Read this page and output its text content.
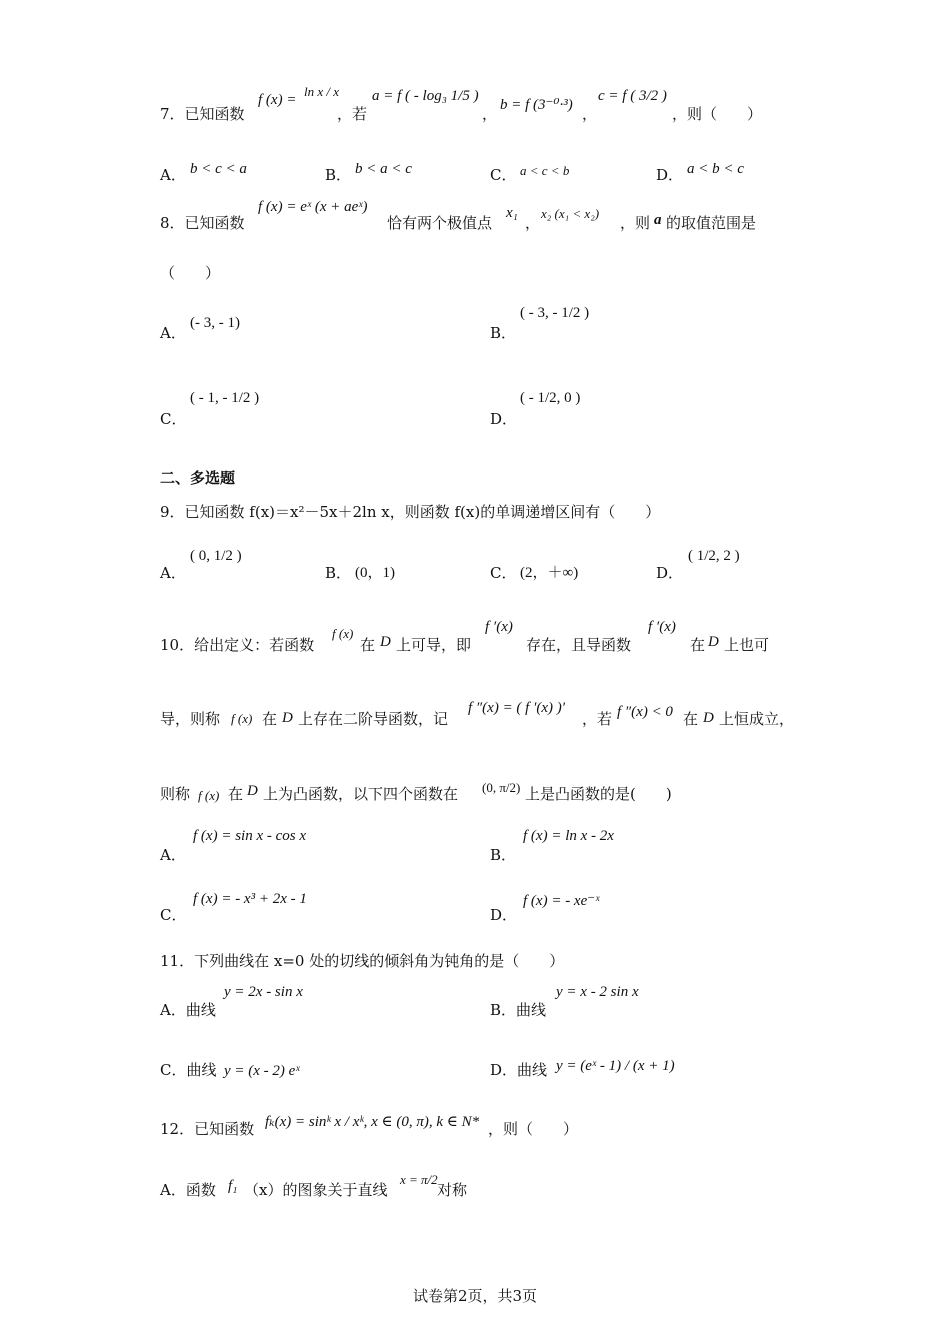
7．已知函数
f (x) =
ln x / x
，若
a = f ( - log₃ 1/5 )
， b = f (3⁻⁰·³) ，
c = f ( 3/2 )
，则（　　）
A． b < c < a	B． b < a < c	C． a < c < b	D． a < b < c
8．已知函数
f (x) = eˣ (x + aeˣ)
恰有两个极值点
x₁
，
x₂ (x₁ < x₂)
，则 a 的取值范围是
（　　）
A．
(- 3, - 1)
B．
( - 3, - 1/2 )
C．
( - 1, - 1/2 )
D．
( - 1/2, 0 )
二、多选题
9．已知函数 f(x)＝x²－5x＋2ln x，则函数 f(x)的单调递增区间有（　　）
A．
( 0, 1/2 )
B． (0，1)	C． (2，＋∞)	D．
( 1/2, 2 )
10．给出定义：若函数
f (x)
在 D 上可导，即
f ′(x)
存在，且导函数
f ′(x)
在 D 上也可
导，则称 f (x) 在 D 上存在二阶导函数，记
f ″(x) = ( f ′(x) )′
，若 f ″(x) < 0 在 D 上恒成立，
则称 f (x) 在 D 上为凸函数，以下四个函数在 (0, π/2) 上是凸函数的是(　　)
A．
f (x) = sin x - cos x
B．
f (x) = ln x - 2x
C．
f (x) = - x³ + 2x - 1
D．
f (x) = - xe⁻ˣ
11．下列曲线在 x=0 处的切线的倾斜角为钝角的是（　　）
A．曲线
y = 2x - sin x
B．曲线
y = x - 2 sin x
C．曲线 y = (x - 2) eˣ	D．曲线 y = (eˣ - 1) / (x + 1)
12．已知函数 fₖ(x) = sinᵏ x / xᵏ, x ∈ (0, π), k ∈ N* ，则（　　）
A．函数 f₁ （x）的图象关于直线
x = π/2
对称
试卷第2页，共3页
